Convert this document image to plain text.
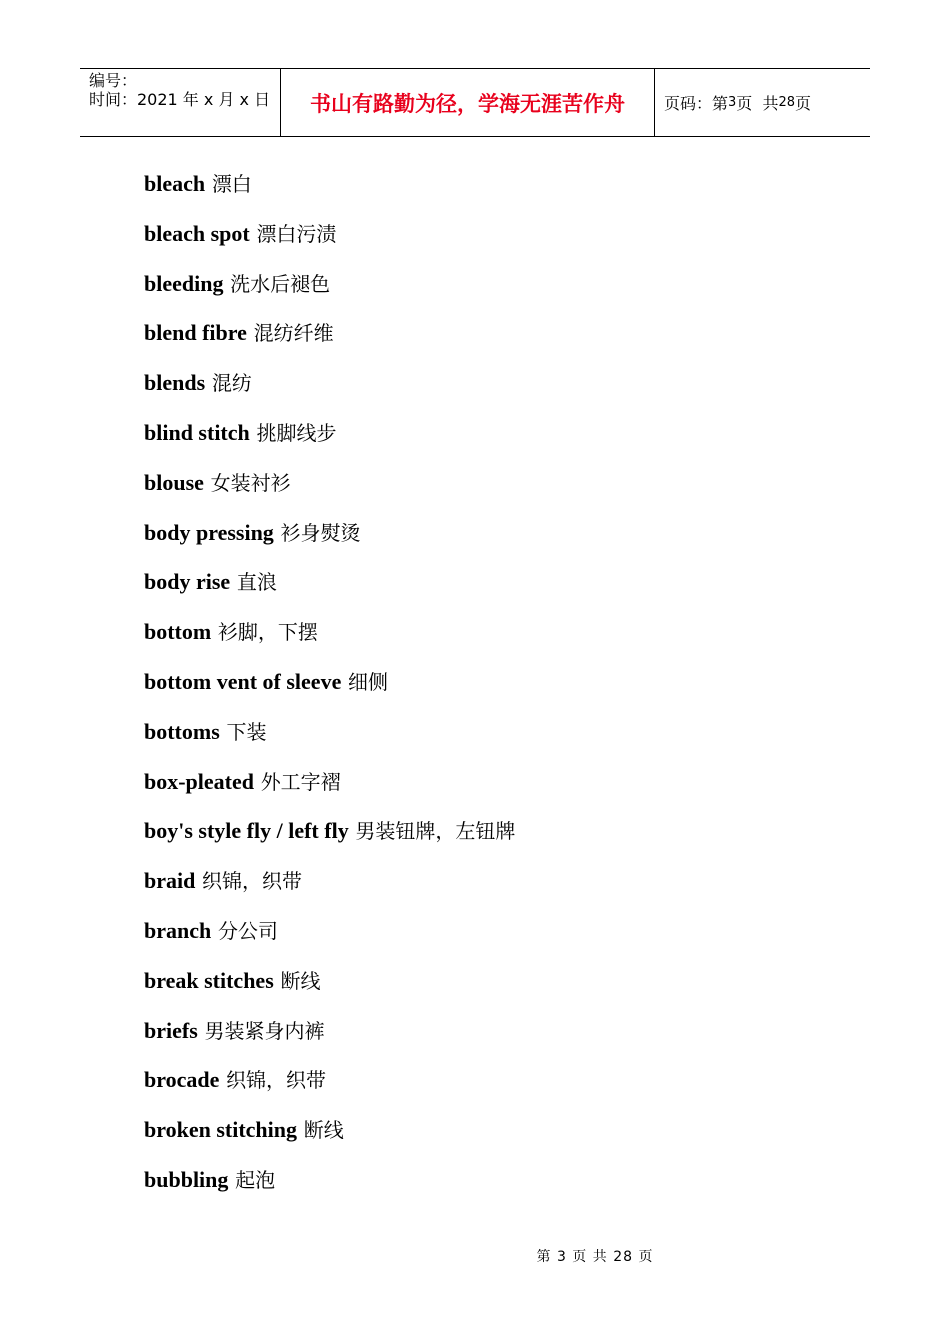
编号：
时间：2021 年 x 月 x 日	书山有路勤为径，学海无涯苦作舟 页码：第 3 页  共 28 页
bleach 漂白
bleach spot 漂白污渍
bleeding 洗水后褪色
blend fibre 混纺纤维
blends 混纺
blind stitch 挑脚线步
blouse 女装衬衫
body pressing 衫身熨烫
body rise 直浪
bottom 衫脚，下摆
bottom vent of sleeve 细侧
bottoms 下装
box-pleated 外工字褶
boy's style fly / left fly 男装钮牌，左钮牌
braid 织锦，织带
branch 分公司
break stitches 断线
briefs 男装紧身内裤
brocade 织锦，织带
broken stitching 断线
bubbling 起泡
第 3 页 共 28 页
